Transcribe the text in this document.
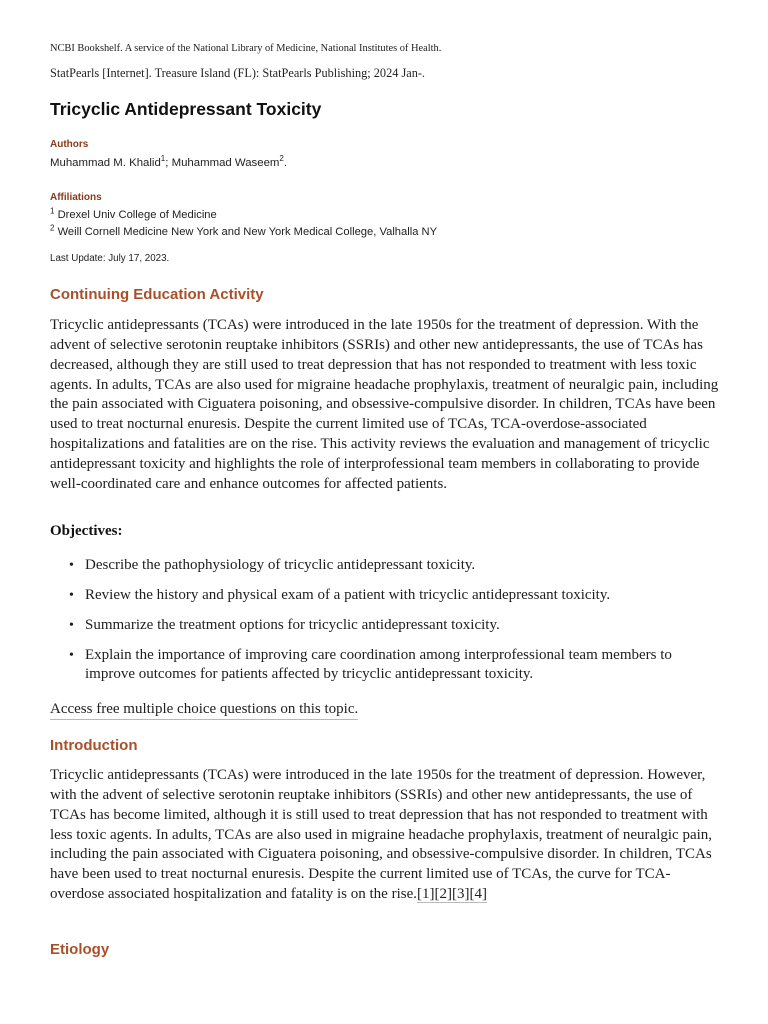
NCBI Bookshelf. A service of the National Library of Medicine, National Institutes of Health.
StatPearls [Internet]. Treasure Island (FL): StatPearls Publishing; 2024 Jan-.
Tricyclic Antidepressant Toxicity
Authors
Muhammad M. Khalid$^1$; Muhammad Waseem$^2$.
Affiliations
$^1$ Drexel Univ College of Medicine
$^2$ Weill Cornell Medicine New York and New York Medical College, Valhalla NY
Last Update: July 17, 2023.
Continuing Education Activity

Tricyclic antidepressants (TCAs) were introduced in the late 1950s for the treatment of depression. With the advent of selective serotonin reuptake inhibitors (SSRIs) and other new antidepressants, the use of TCAs has decreased, although they are still used to treat depression that has not responded to treatment with less toxic agents. In adults, TCAs are also used for migraine headache prophylaxis, treatment of neuralgic pain, including the pain associated with Ciguatera poisoning, and obsessive-compulsive disorder. In children, TCAs have been used to treat nocturnal enuresis. Despite the current limited use of TCAs, TCA-overdose-associated hospitalizations and fatalities are on the rise. This activity reviews the evaluation and management of tricyclic antidepressant toxicity and highlights the role of interprofessional team members in collaborating to provide well-coordinated care and enhance outcomes for affected patients.

Objectives:
• Describe the pathophysiology of tricyclic antidepressant toxicity.
• Review the history and physical exam of a patient with tricyclic antidepressant toxicity.
• Summarize the treatment options for tricyclic antidepressant toxicity.
• Explain the importance of improving care coordination among interprofessional team members to improve outcomes for patients affected by tricyclic antidepressant toxicity.
Access free multiple choice questions on this topic.
Introduction

Tricyclic antidepressants (TCAs) were introduced in the late 1950s for the treatment of depression. However, with the advent of selective serotonin reuptake inhibitors (SSRIs) and other new antidepressants, the use of TCAs has become limited, although it is still used to treat depression that has not responded to treatment with less toxic agents. In adults, TCAs are also used in migraine headache prophylaxis, treatment of neuralgic pain, including the pain associated with Ciguatera poisoning, and obsessive-compulsive disorder. In children, TCAs have been used to treat nocturnal enuresis. Despite the current limited use of TCAs, the curve for TCA-overdose associated hospitalization and fatality is on the rise.[1][2][3][4]

Etiology
